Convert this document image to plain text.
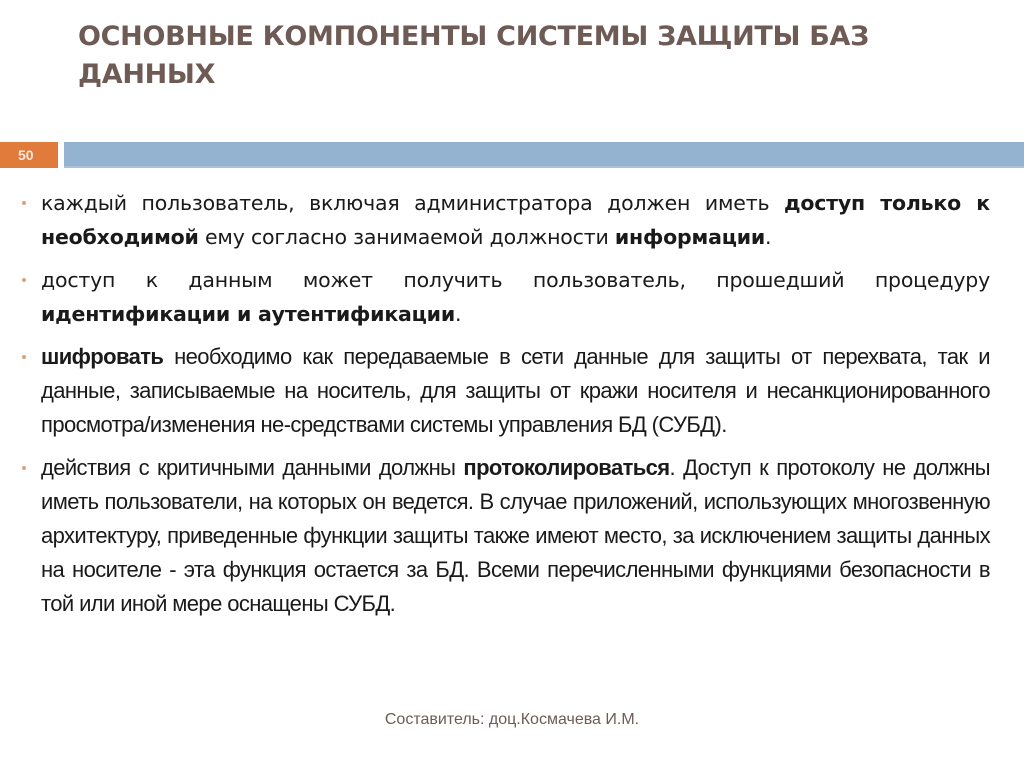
ОСНОВНЫЕ КОМПОНЕНТЫ СИСТЕМЫ ЗАЩИТЫ БАЗ ДАННЫХ
50
каждый пользователь, включая администратора должен иметь доступ только к необходимой ему согласно занимаемой должности информации.
доступ к данным может получить пользователь, прошедший процедуру идентификации и аутентификации.
шифровать необходимо как передаваемые в сети данные для защиты от перехвата, так и данные, записываемые на носитель, для защиты от кражи носителя и несанкционированного просмотра/изменения не-средствами системы управления БД (СУБД).
действия с критичными данными должны протоколироваться. Доступ к протоколу не должны иметь пользователи, на которых он ведется. В случае приложений, использующих многозвенную архитектуру, приведенные функции защиты также имеют место, за исключением защиты данных на носителе - эта функция остается за БД. Всеми перечисленными функциями безопасности в той или иной мере оснащены СУБД.
Составитель: доц.Космачева И.М.
